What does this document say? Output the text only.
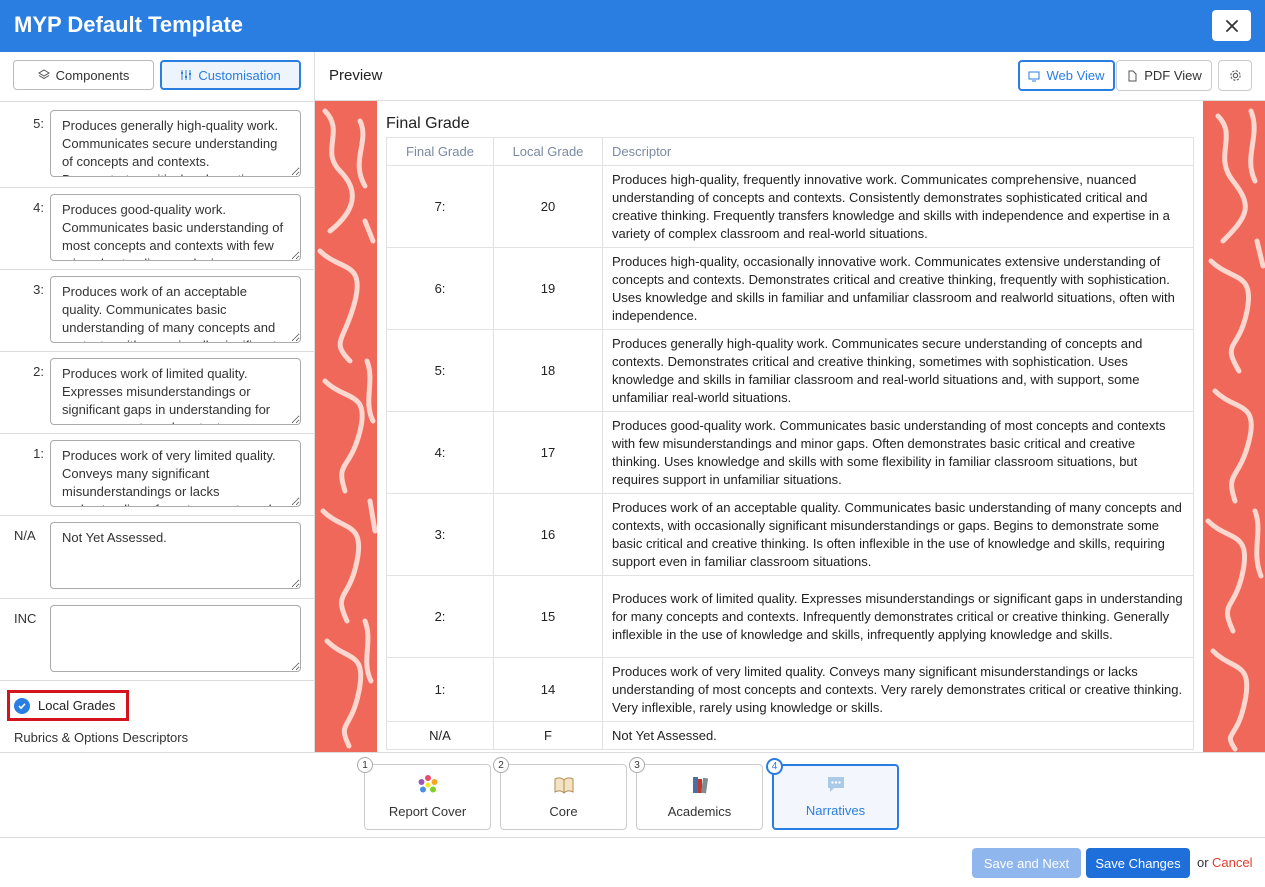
MYP Default Template
Components	Customisation
5:
Produces generally high-quality work. Communicates secure understanding of concepts and contexts. Demonstrates critical and creative thinking.
4:
Produces good-quality work. Communicates basic understanding of most concepts and contexts with few misunderstandings and minor gaps.
3:
Produces work of an acceptable quality. Communicates basic understanding of many concepts and contexts, with occasionally significant misunderstandings or gaps.
2:
Produces work of limited quality. Expresses misunderstandings or significant gaps in understanding for many concepts and contexts.
1:
Produces work of very limited quality. Conveys many significant misunderstandings or lacks understanding of most concepts and contexts.
N/A
Not Yet Assessed.
INC
Local Grades
Rubrics & Options Descriptors
Preview	Web View	PDF View
Final Grade
Final Grade	Local Grade	Descriptor
7:	20	Produces high-quality, frequently innovative work. Communicates comprehensive, nuanced understanding of concepts and contexts. Consistently demonstrates sophisticated critical and creative thinking. Frequently transfers knowledge and skills with independence and expertise in a variety of complex classroom and real-world situations.
6:	19	Produces high-quality, occasionally innovative work. Communicates extensive understanding of concepts and contexts. Demonstrates critical and creative thinking, frequently with sophistication. Uses knowledge and skills in familiar and unfamiliar classroom and realworld situations, often with independence.
5:	18	Produces generally high-quality work. Communicates secure understanding of concepts and contexts. Demonstrates critical and creative thinking, sometimes with sophistication. Uses knowledge and skills in familiar classroom and real-world situations and, with support, some unfamiliar real-world situations.
4:	17	Produces good-quality work. Communicates basic understanding of most concepts and contexts with few misunderstandings and minor gaps. Often demonstrates basic critical and creative thinking. Uses knowledge and skills with some flexibility in familiar classroom situations, but requires support in unfamiliar situations.
3:	16	Produces work of an acceptable quality. Communicates basic understanding of many concepts and contexts, with occasionally significant misunderstandings or gaps. Begins to demonstrate some basic critical and creative thinking. Is often inflexible in the use of knowledge and skills, requiring support even in familiar classroom situations.
2:	15	Produces work of limited quality. Expresses misunderstandings or significant gaps in understanding for many concepts and contexts. Infrequently demonstrates critical or creative thinking. Generally inflexible in the use of knowledge and skills, infrequently applying knowledge and skills.
1:	14	Produces work of very limited quality. Conveys many significant misunderstandings or lacks understanding of most concepts and contexts. Very rarely demonstrates critical or creative thinking. Very inflexible, rarely using knowledge or skills.
N/A	F	Not Yet Assessed.
1
Report Cover
2
Core
3
Academics
4
Narratives
Save and Next	Save Changes	or Cancel
